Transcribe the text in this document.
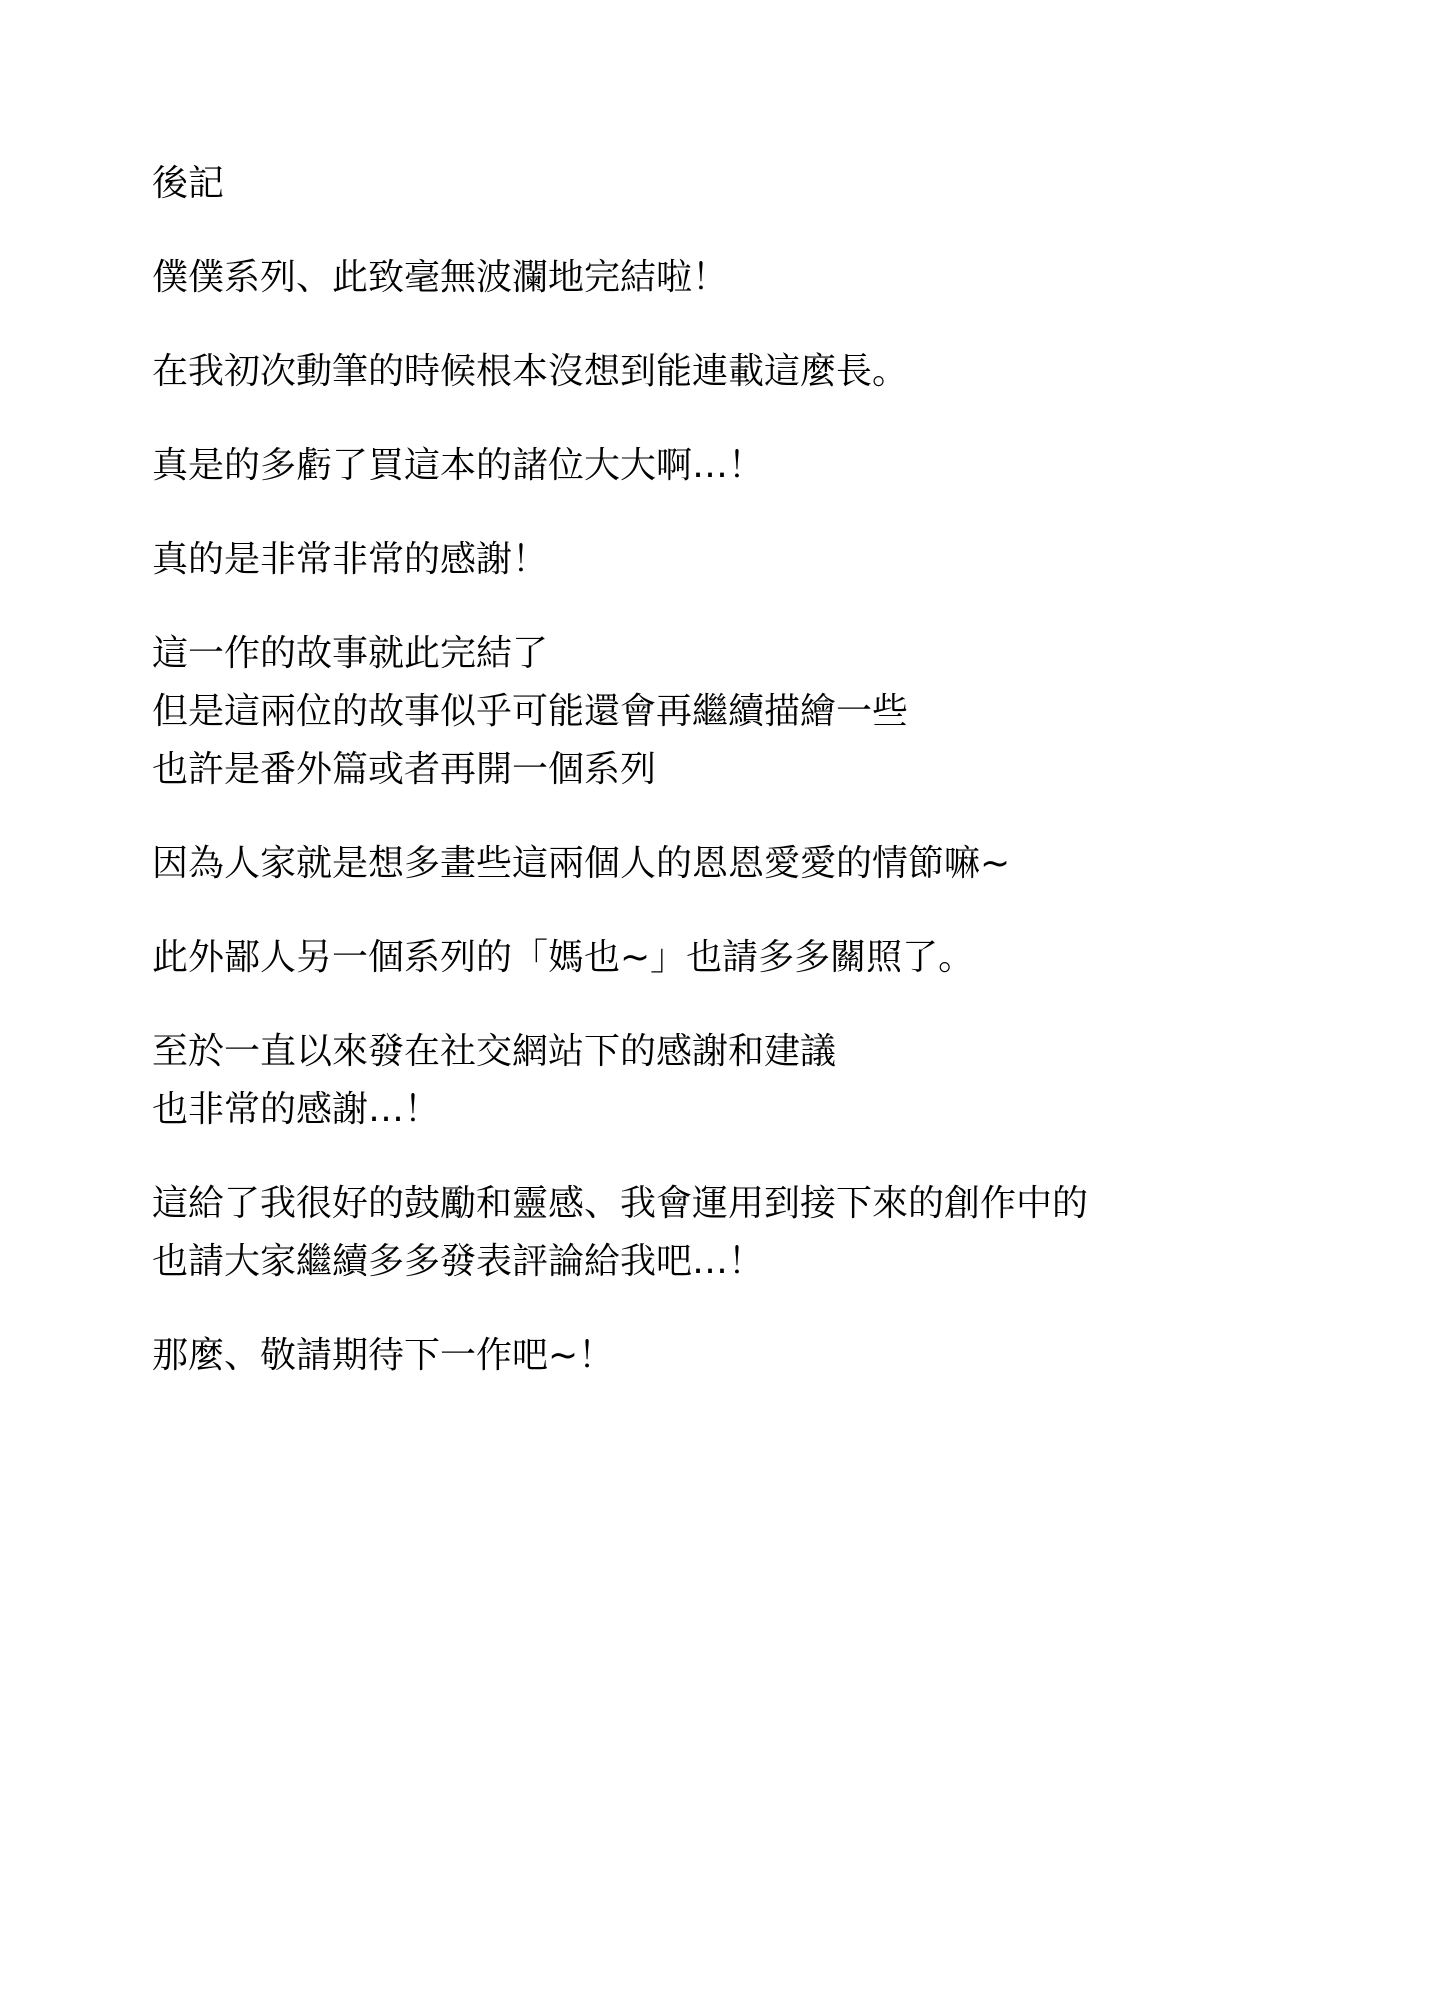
後記
僕僕系列、此致毫無波瀾地完結啦！
在我初次動筆的時候根本沒想到能連載這麼長。
真是的多虧了買這本的諸位大大啊…！
真的是非常非常的感謝！
這一作的故事就此完結了
但是這兩位的故事似乎可能還會再繼續描繪一些
也許是番外篇或者再開一個系列
因為人家就是想多畫些這兩個人的恩恩愛愛的情節嘛~
此外鄙人另一個系列的「媽也~」也請多多關照了。
至於一直以來發在社交網站下的感謝和建議
也非常的感謝…！
這給了我很好的鼓勵和靈感、我會運用到接下來的創作中的
也請大家繼續多多發表評論給我吧…！
那麼、敬請期待下一作吧~！
